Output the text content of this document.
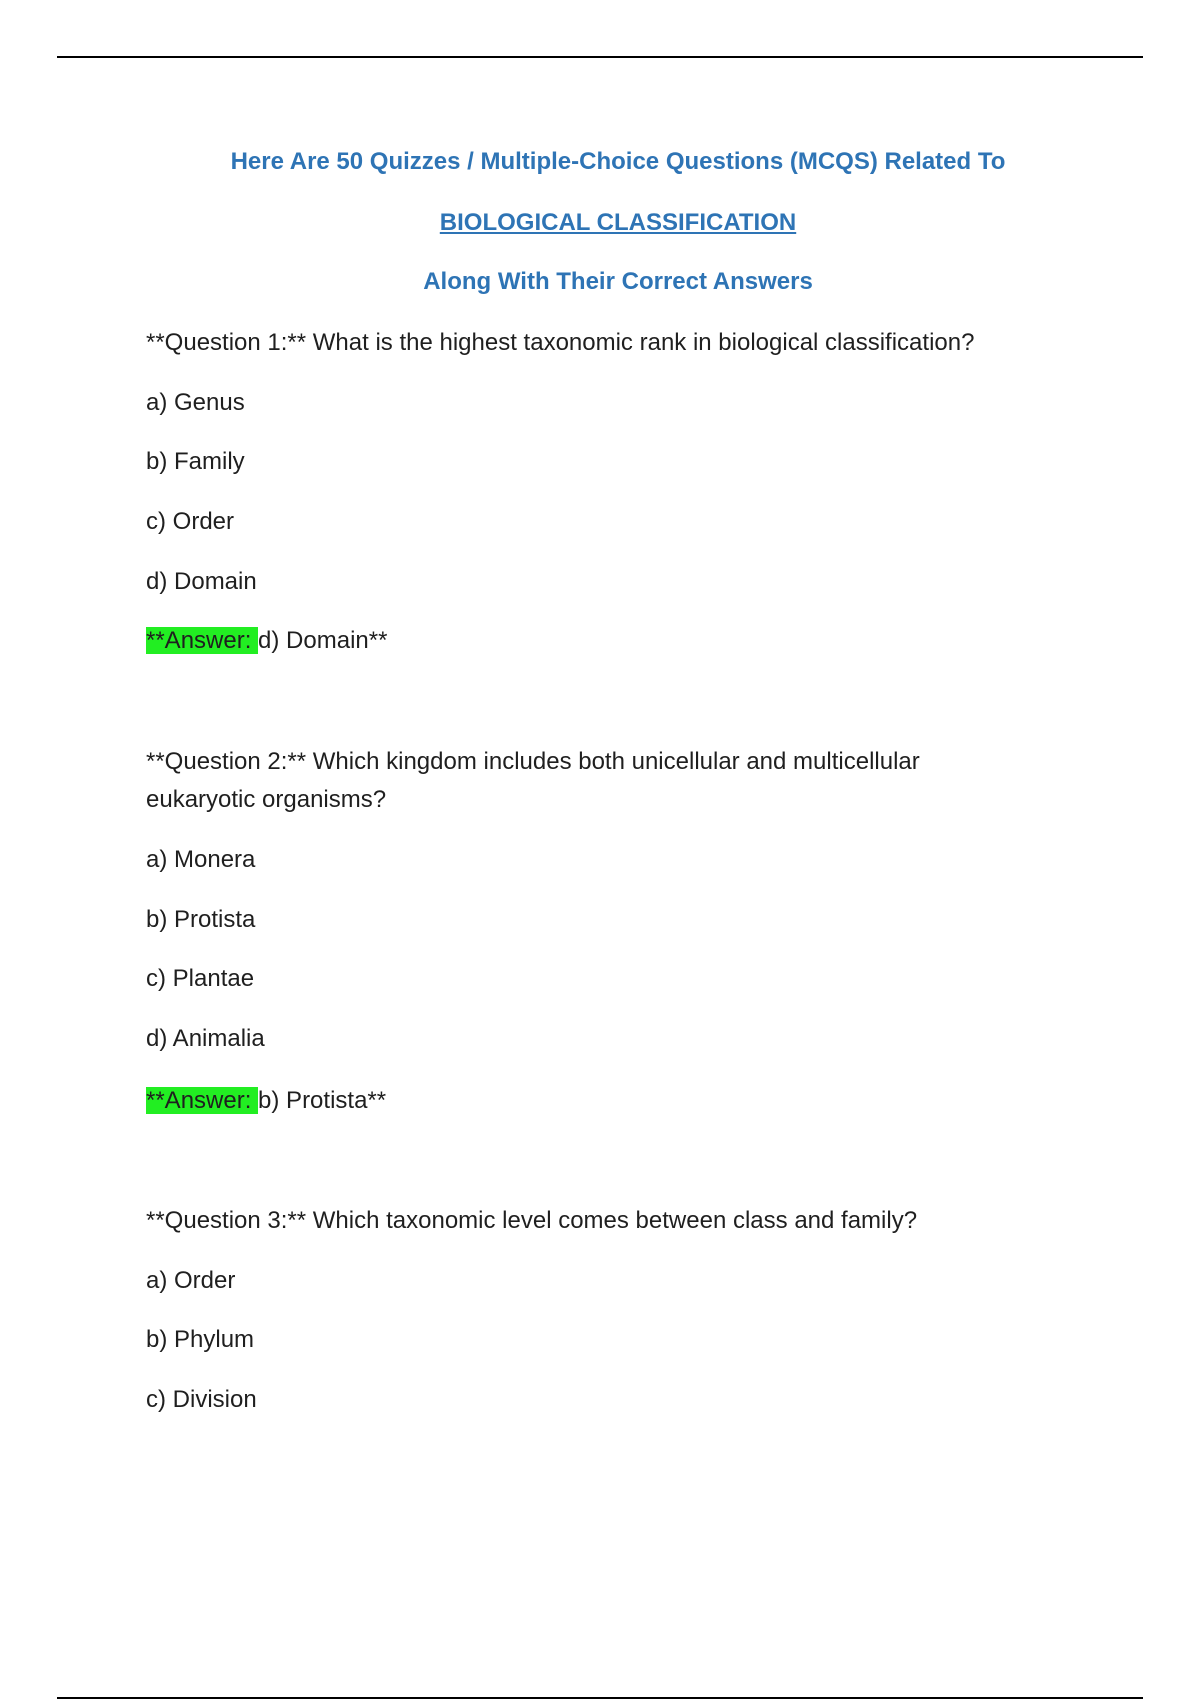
Here Are 50 Quizzes / Multiple-Choice Questions (MCQS) Related To
BIOLOGICAL CLASSIFICATION
Along With Their Correct Answers
**Question 1:** What is the highest taxonomic rank in biological classification?
a) Genus
b) Family
c) Order
d) Domain
**Answer: d) Domain**
**Question 2:** Which kingdom includes both unicellular and multicellular
eukaryotic organisms?
a) Monera
b) Protista
c) Plantae
d) Animalia
**Answer: b) Protista**
**Question 3:** Which taxonomic level comes between class and family?
a) Order
b) Phylum
c) Division
